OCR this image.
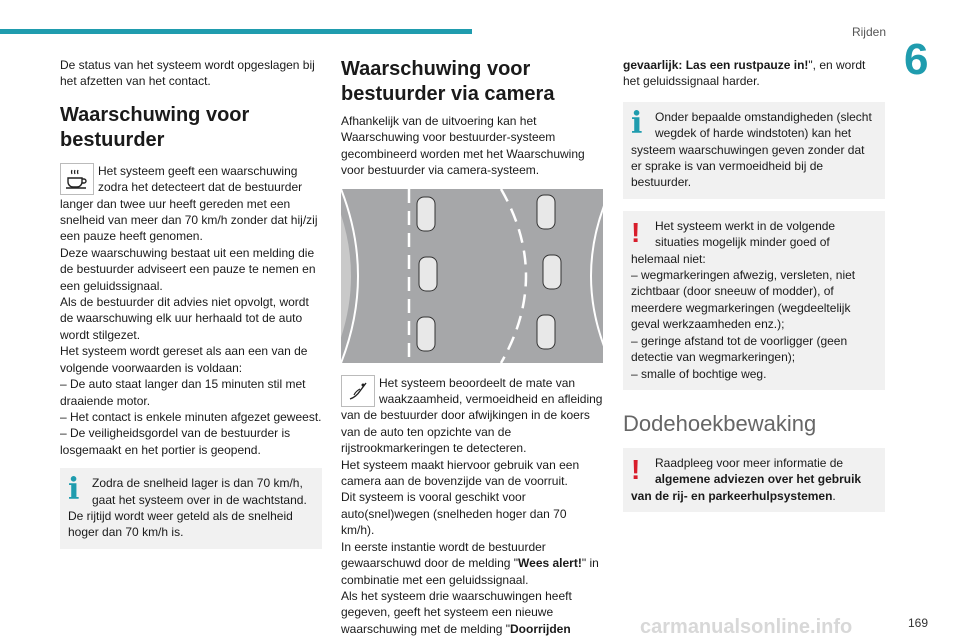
Rijden
6

De status van het systeem wordt opgeslagen bij het afzetten van het contact.

Waarschuwing voor bestuurder

Het systeem geeft een waarschuwing zodra het detecteert dat de bestuurder langer dan twee uur heeft gereden met een snelheid van meer dan 70 km/h zonder dat hij/zij een pauze heeft genomen.

Deze waarschuwing bestaat uit een melding die de bestuurder adviseert een pauze te nemen en een geluidssignaal.

Als de bestuurder dit advies niet opvolgt, wordt de waarschuwing elk uur herhaald tot de auto wordt stilgezet.

Het systeem wordt gereset als aan een van de volgende voorwaarden is voldaan:

– De auto staat langer dan 15 minuten stil met draaiende motor.

– Het contact is enkele minuten afgezet geweest.

– De veiligheidsgordel van de bestuurder is losgemaakt en het portier is geopend.

i	Zodra de snelheid lager is dan 70 km/h, gaat het systeem over in de wachtstand. De rijtijd wordt weer geteld als de snelheid hoger dan 70 km/h is.

Waarschuwing voor bestuurder via camera

Afhankelijk van de uitvoering kan het Waarschuwing voor bestuurder-systeem gecombineerd worden met het Waarschuwing voor bestuurder via camera-systeem.

Het systeem beoordeelt de mate van waakzaamheid, vermoeidheid en afleiding van de bestuurder door afwijkingen in de koers van de auto ten opzichte van de rijstrookmarkeringen te detecteren.

Het systeem maakt hiervoor gebruik van een camera aan de bovenzijde van de voorruit.

Dit systeem is vooral geschikt voor auto(snel)wegen (snelheden hoger dan 70 km/h).

In eerste instantie wordt de bestuurder gewaarschuwd door de melding "Wees alert!" in combinatie met een geluidssignaal.

Als het systeem drie waarschuwingen heeft gegeven, geeft het systeem een nieuwe waarschuwing met de melding "Doorrijden

gevaarlijk: Las een rustpauze in!", en wordt het geluidssignaal harder.

i	Onder bepaalde omstandigheden (slecht wegdek of harde windstoten) kan het systeem waarschuwingen geven zonder dat er sprake is van vermoeidheid bij de bestuurder.

!	Het systeem werkt in de volgende situaties mogelijk minder goed of helemaal niet:

– wegmarkeringen afwezig, versleten, niet zichtbaar (door sneeuw of modder), of meerdere wegmarkeringen (wegdeeltelijk geval werkzaamheden enz.);

– geringe afstand tot de voorligger (geen detectie van wegmarkeringen);

– smalle of bochtige weg.

Dodehoekbewaking
!	Raadpleeg voor meer informatie de algemene adviezen over het gebruik van de rij- en parkeerhulpsystemen.

169
carmanualsonline.info
